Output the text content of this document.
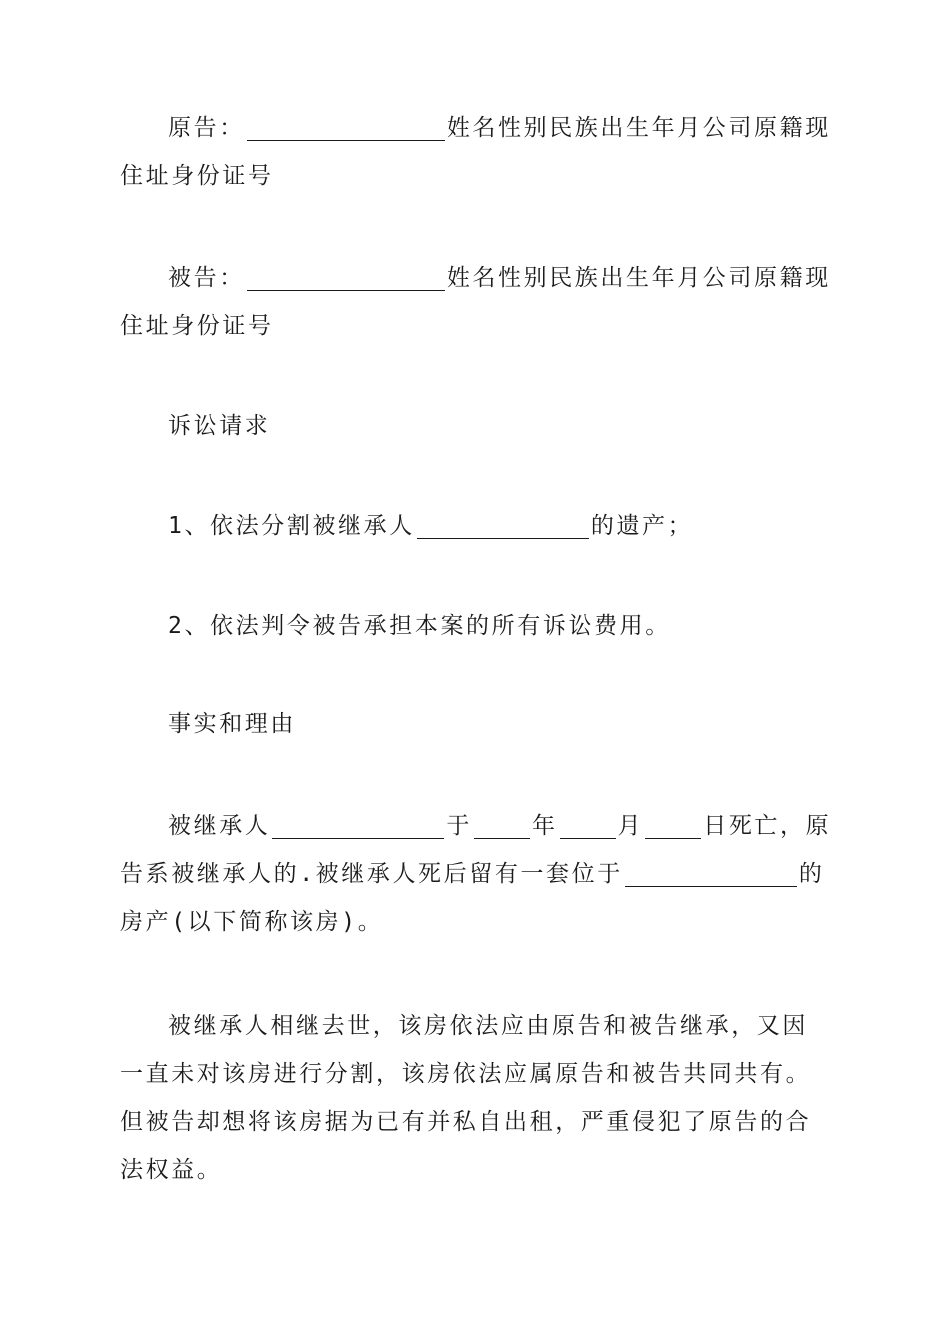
原告：	姓名性别民族出生年月公司原籍现住址身份证号
被告：	姓名性别民族出生年月公司原籍现住址身份证号
诉讼请求
1、依法分割被继承人	的遗产；
2、依法判令被告承担本案的所有诉讼费用。
事实和理由
被继承人	于	年	月	日死亡，原告系被继承人的.被继承人死后留有一套位于	的房产(以下简称该房)。
被继承人相继去世，该房依法应由原告和被告继承，又因一直未对该房进行分割，该房依法应属原告和被告共同共有。但被告却想将该房据为已有并私自出租，严重侵犯了原告的合法权益。
